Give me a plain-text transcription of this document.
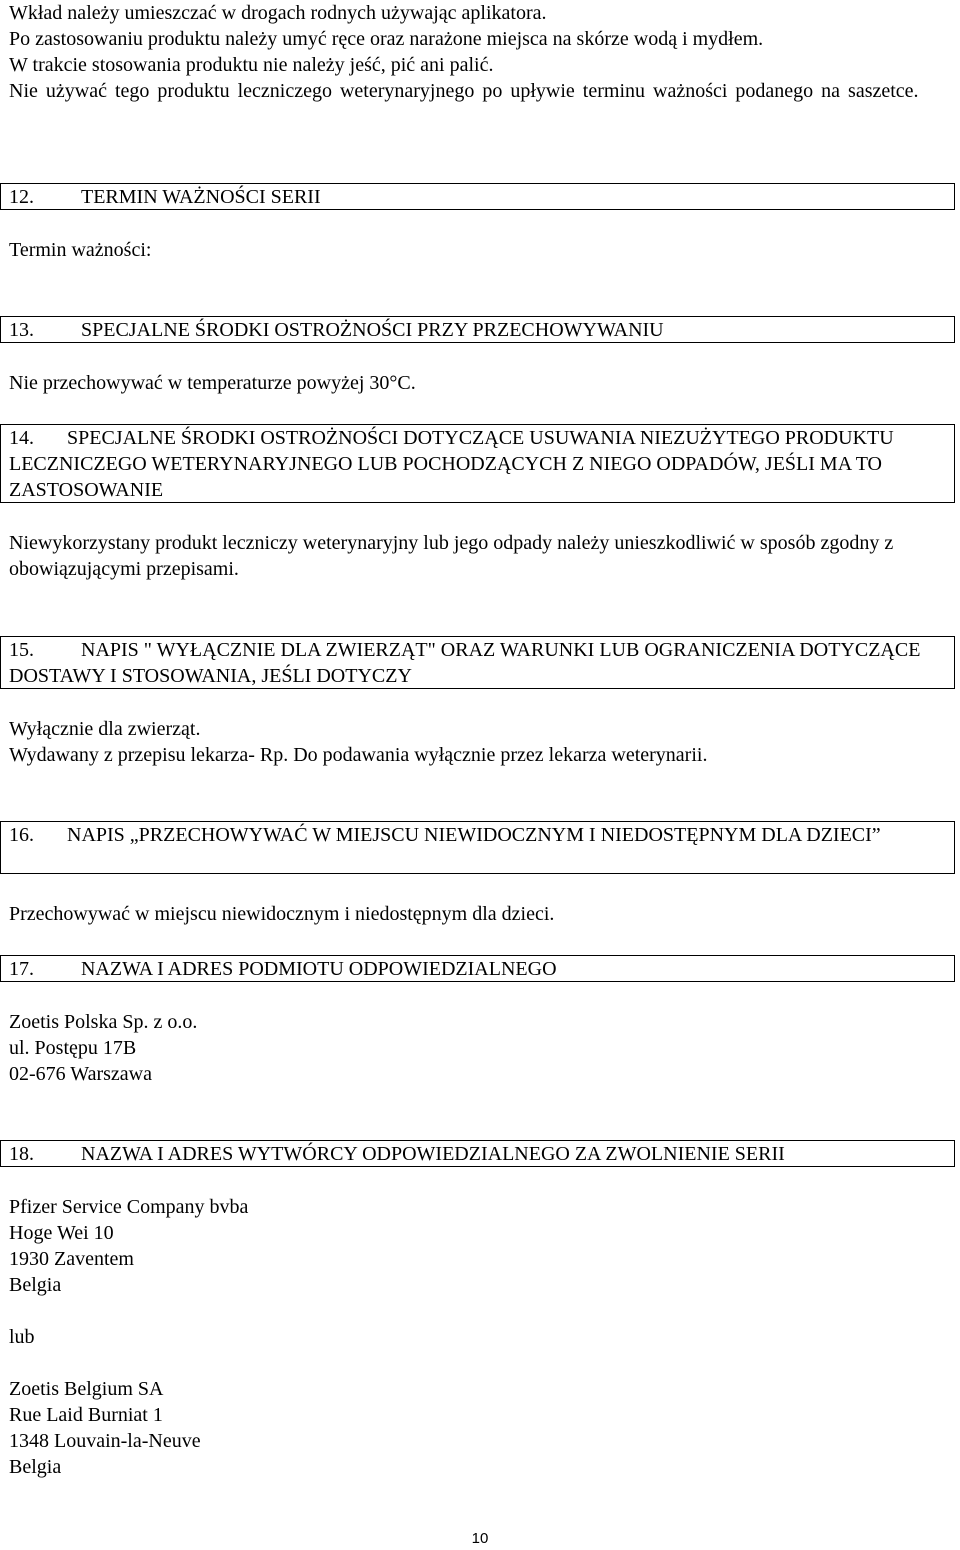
Wkład należy umieszczać w drogach rodnych używając aplikatora.

Po zastosowaniu produktu należy umyć ręce oraz narażone miejsca na skórze wodą i mydłem.

W trakcie stosowania produktu nie należy jeść, pić ani palić.

Nie używać tego produktu leczniczego weterynaryjnego po upływie terminu ważności podanego na saszetce.

12.	TERMIN WAŻNOŚCI SERII

Termin ważności:

13.	SPECJALNE ŚRODKI OSTROŻNOŚCI PRZY PRZECHOWYWANIU

Nie przechowywać w temperaturze powyżej 30°C.

14.	SPECJALNE ŚRODKI OSTROŻNOŚCI DOTYCZĄCE USUWANIA NIEZUŻYTEGO PRODUKTU LECZNICZEGO WETERYNARYJNEGO LUB POCHODZĄCYCH Z NIEGO ODPADÓW, JEŚLI MA TO ZASTOSOWANIE

Niewykorzystany produkt leczniczy weterynaryjny lub jego odpady należy unieszkodliwić w sposób zgodny z obowiązującymi przepisami.

15.	NAPIS " WYŁĄCZNIE DLA ZWIERZĄT" ORAZ WARUNKI LUB OGRANICZENIA DOTYCZĄCE DOSTAWY I STOSOWANIA, JEŚLI DOTYCZY

Wyłącznie dla zwierząt.

Wydawany z przepisu lekarza- Rp. Do podawania wyłącznie przez lekarza weterynarii.

16.	NAPIS „PRZECHOWYWAĆ W MIEJSCU NIEWIDOCZNYM I NIEDOSTĘPNYM DLA DZIECI”

Przechowywać w miejscu niewidocznym i niedostępnym dla dzieci.

17.	NAZWA I ADRES PODMIOTU ODPOWIEDZIALNEGO

Zoetis Polska Sp. z o.o.

ul. Postępu 17B

02-676 Warszawa

18.	NAZWA I ADRES WYTWÓRCY ODPOWIEDZIALNEGO ZA ZWOLNIENIE SERII

Pfizer Service Company bvba

Hoge Wei 10

1930 Zaventem

Belgia

lub

Zoetis Belgium SA

Rue Laid Burniat 1

1348 Louvain-la-Neuve

Belgia

10
